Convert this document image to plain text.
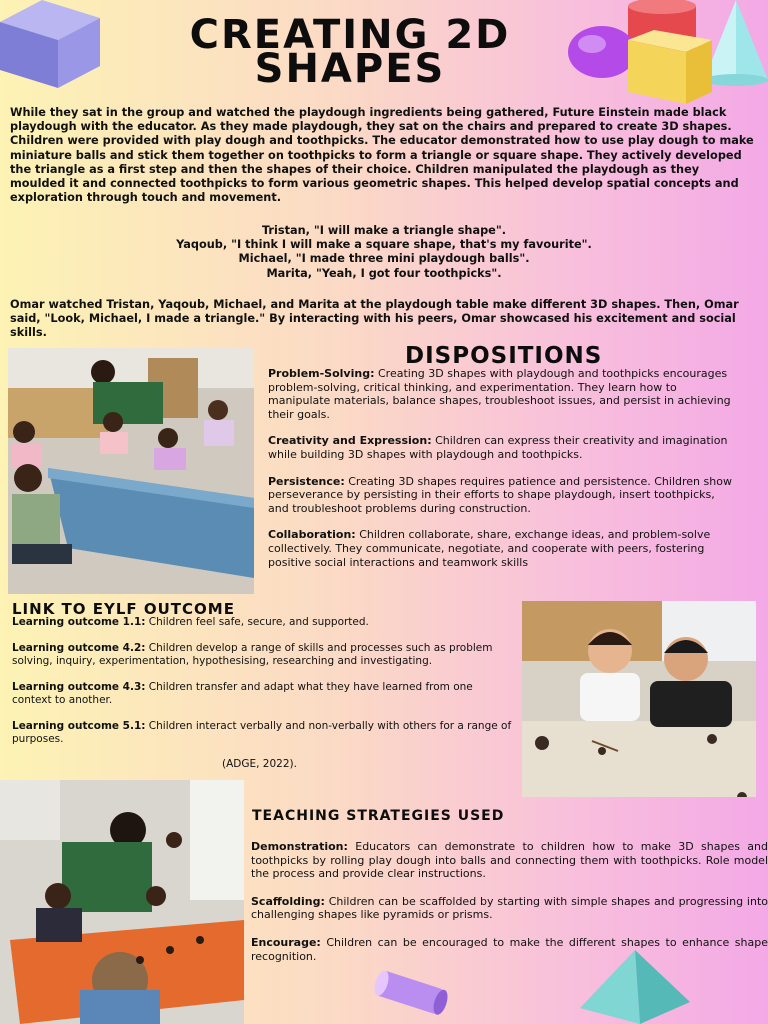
CREATING 2D
SHAPES
While they sat in the group and watched the playdough ingredients being gathered, Future Einstein made black playdough with the educator. As they made playdough, they sat on the chairs and prepared to create 3D shapes. Children were provided with play dough and toothpicks. The educator demonstrated how to use play dough to make miniature balls and stick them together on toothpicks to form a triangle or square shape. They actively developed the triangle as a first step and then the shapes of their choice. Children manipulated the playdough as they moulded it and connected toothpicks to form various geometric shapes. This helped develop spatial concepts and exploration through touch and movement.
Tristan, "I will make a triangle shape".
Yaqoub, "I think I will make a square shape, that's my favourite".
Michael, "I made three mini playdough balls".
Marita, "Yeah, I got four toothpicks".
Omar watched Tristan, Yaqoub, Michael, and Marita at the playdough table make different 3D shapes. Then, Omar said, "Look, Michael, I made a triangle." By interacting with his peers, Omar showcased his excitement and social skills.
DISPOSITIONS

Problem-Solving: Creating 3D shapes with playdough and toothpicks encourages problem-solving, critical thinking, and experimentation. They learn how to manipulate materials, balance shapes, troubleshoot issues, and persist in achieving their goals.

Creativity and Expression: Children can express their creativity and imagination while building 3D shapes with playdough and toothpicks.

Persistence: Creating 3D shapes requires patience and persistence. Children show perseverance by persisting in their efforts to shape playdough, insert toothpicks, and troubleshoot problems during construction.

Collaboration: Children collaborate, share, exchange ideas, and problem-solve collectively. They communicate, negotiate, and cooperate with peers, fostering positive social interactions and teamwork skills

LINK TO EYLF OUTCOME

Learning outcome 1.1: Children feel safe, secure, and supported.

Learning outcome 4.2: Children develop a range of skills and processes such as problem solving, inquiry, experimentation, hypothesising, researching and investigating.

Learning outcome 4.3: Children transfer and adapt what they have learned from one context to another.

Learning outcome 5.1: Children interact verbally and non-verbally with others for a range of purposes.

(ADGE, 2022).
TEACHING STRATEGIES USED

Demonstration: Educators can demonstrate to children how to make 3D shapes and toothpicks by rolling play dough into balls and connecting them with toothpicks. Role model the process and provide clear instructions.

Scaffolding: Children can be scaffolded by starting with simple shapes and progressing into challenging shapes like pyramids or prisms.

Encourage: Children can be encouraged to make the different shapes to enhance shape recognition.
